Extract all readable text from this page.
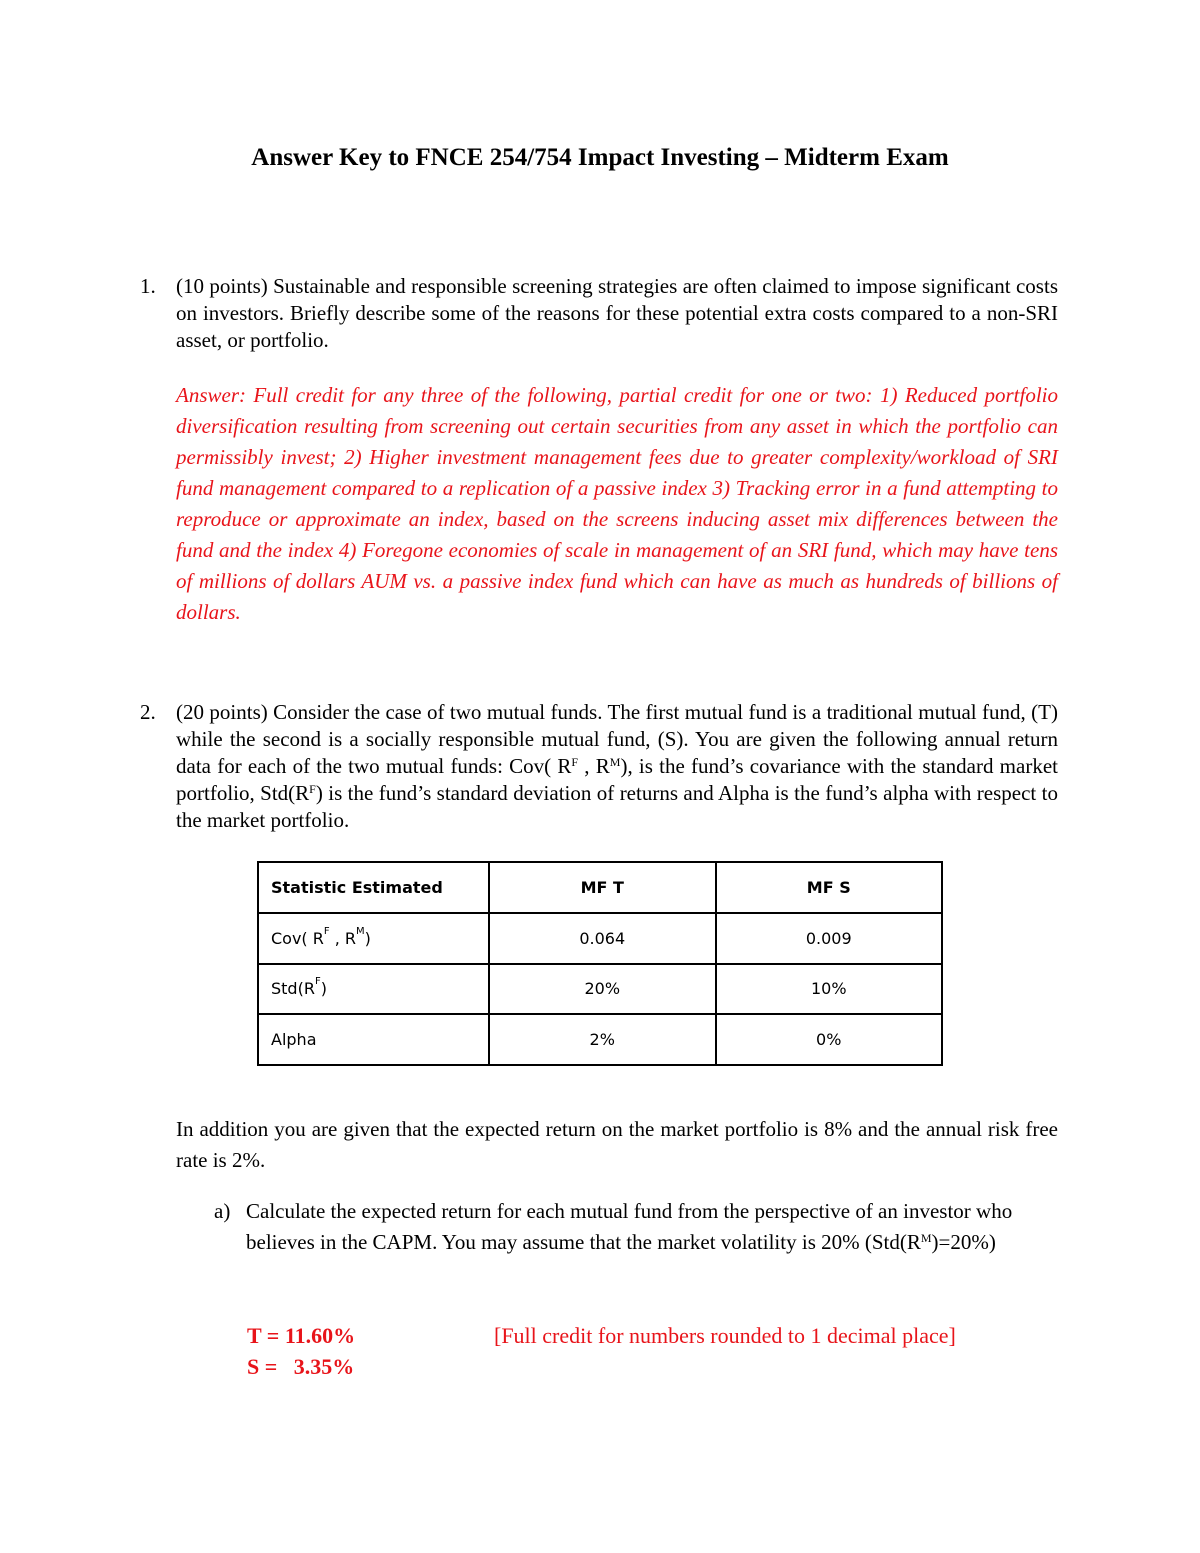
Answer Key to FNCE 254/754 Impact Investing – Midterm Exam
1. (10 points) Sustainable and responsible screening strategies are often claimed to impose significant costs on investors. Briefly describe some of the reasons for these potential extra costs compared to a non-SRI asset, or portfolio.
Answer: Full credit for any three of the following, partial credit for one or two: 1) Reduced portfolio diversification resulting from screening out certain securities from any asset in which the portfolio can permissibly invest; 2) Higher investment management fees due to greater complexity/workload of SRI fund management compared to a replication of a passive index 3) Tracking error in a fund attempting to reproduce or approximate an index, based on the screens inducing asset mix differences between the fund and the index 4) Foregone economies of scale in management of an SRI fund, which may have tens of millions of dollars AUM vs. a passive index fund which can have as much as hundreds of billions of dollars.
2. (20 points) Consider the case of two mutual funds. The first mutual fund is a traditional mutual fund, (T) while the second is a socially responsible mutual fund, (S). You are given the following annual return data for each of the two mutual funds: Cov( $R^F$ , $R^M$), is the fund’s covariance with the standard market portfolio, $Std(R^F)$ is the fund’s standard deviation of returns and Alpha is the fund’s alpha with respect to the market portfolio.
Statistic Estimated	MF T	MF S
Cov( $R^F$ , $R^M$)	0.064	0.009
$Std(R^F)$	20%	10%
Alpha	2%	0%
In addition you are given that the expected return on the market portfolio is 8% and the annual risk free rate is 2%.
a) Calculate the expected return for each mutual fund from the perspective of an investor who believes in the CAPM. You may assume that the market volatility is 20% $(Std(R^M)=20\%)$
T = 11.60%
S =   3.35%
[Full credit for numbers rounded to 1 decimal place]
